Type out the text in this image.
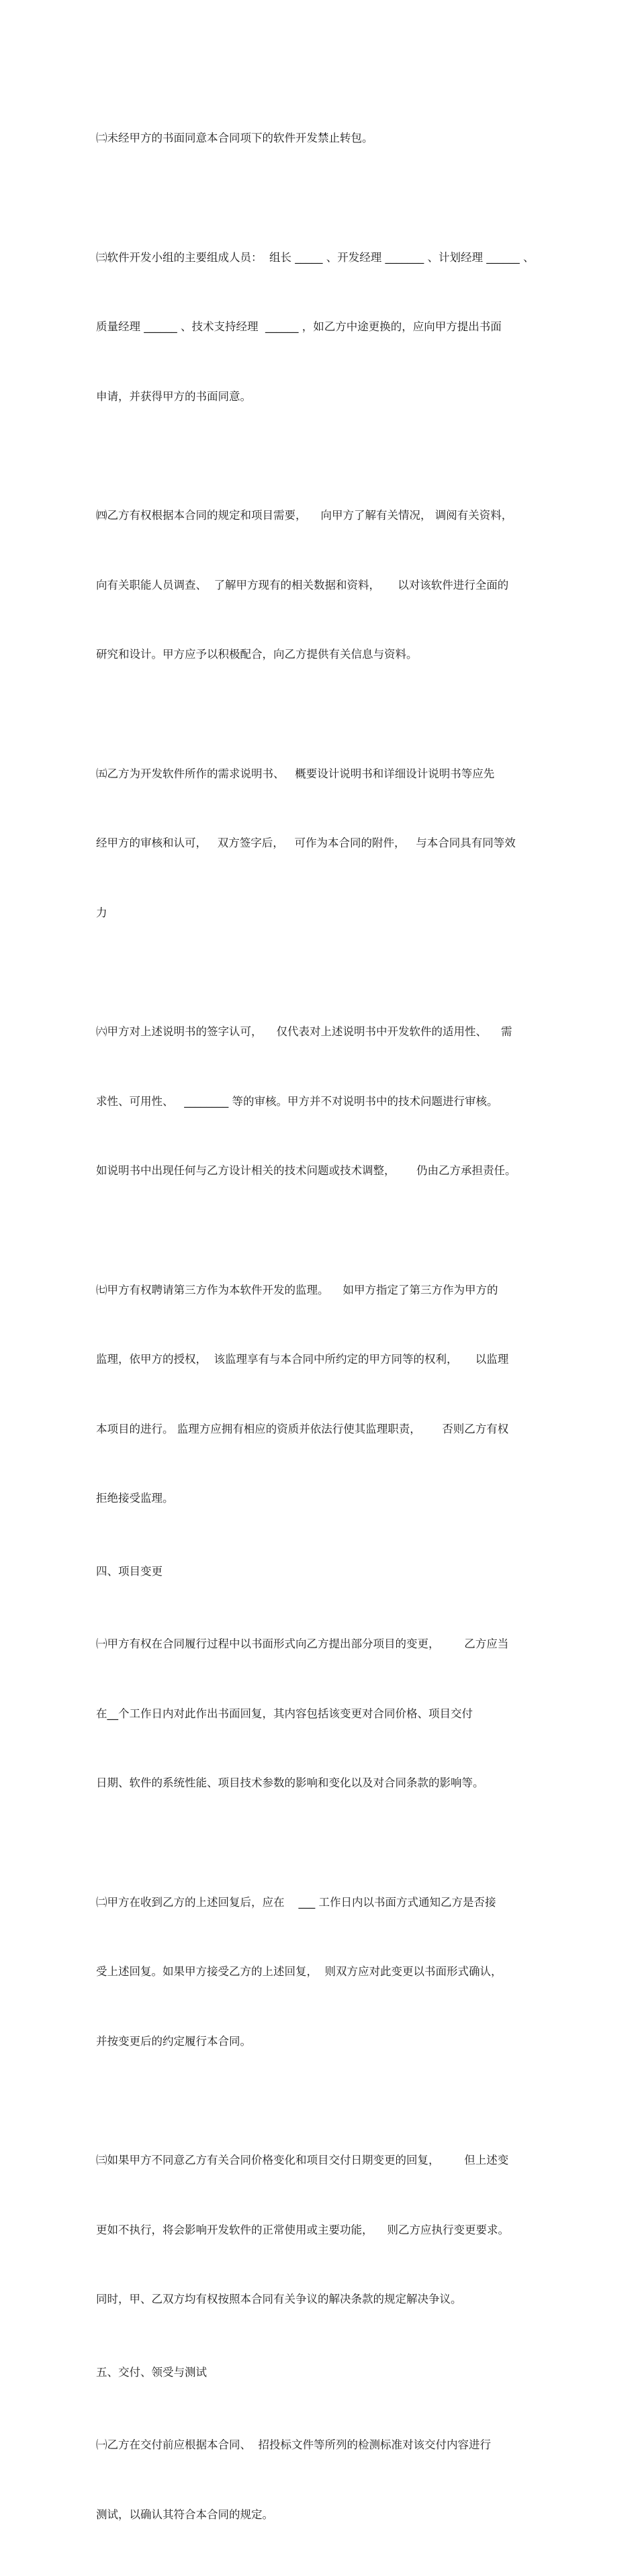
㈡未经甲方的书面同意本合同项下的软件开发禁止转包。

㈢软件开发小组的主要组成人员：  组长 _____ 、开发经理 _______ 、计划经理 ______ 、

质量经理 ______ 、技术支持经理  ______ ，如乙方中途更换的，应向甲方提出书面

申请，并获得甲方的书面同意。

㈣乙方有权根据本合同的规定和项目需要，    向甲方了解有关情况， 调阅有关资料，

向有关职能人员调查、  了解甲方现有的相关数据和资料，     以对该软件进行全面的

研究和设计。甲方应予以积极配合，向乙方提供有关信息与资料。

㈤乙方为开发软件所作的需求说明书、   概要设计说明书和详细设计说明书等应先

经甲方的审核和认可，   双方签字后，   可作为本合同的附件，   与本合同具有同等效

力

㈥甲方对上述说明书的签字认可，    仅代表对上述说明书中开发软件的适用性、    需

求性、可用性、   ________ 等的审核。甲方并不对说明书中的技术问题进行审核。

如说明书中出现任何与乙方设计相关的技术问题或技术调整，      仍由乙方承担责任。

㈦甲方有权聘请第三方作为本软件开发的监理。    如甲方指定了第三方作为甲方的

监理，依甲方的授权，  该监理享有与本合同中所约定的甲方同等的权利，     以监理

本项目的进行。 监理方应拥有相应的资质并依法行使其监理职责，      否则乙方有权

拒绝接受监理。

四、项目变更

㈠甲方有权在合同履行过程中以书面形式向乙方提出部分项目的变更，       乙方应当

在__个工作日内对此作出书面回复，其内容包括该变更对合同价格、项目交付

日期、软件的系统性能、项目技术参数的影响和变化以及对合同条款的影响等。

㈡甲方在收到乙方的上述回复后，应在    ___ 工作日内以书面方式通知乙方是否接

受上述回复。如果甲方接受乙方的上述回复，  则双方应对此变更以书面形式确认，

并按变更后的约定履行本合同。

㈢如果甲方不同意乙方有关合同价格变化和项目交付日期变更的回复，       但上述变

更如不执行，将会影响开发软件的正常使用或主要功能，    则乙方应执行变更要求。

同时，甲、乙双方均有权按照本合同有关争议的解决条款的规定解决争议。

五、交付、领受与测试

㈠乙方在交付前应根据本合同、  招投标文件等所列的检测标准对该交付内容进行

测试，以确认其符合本合同的规定。
